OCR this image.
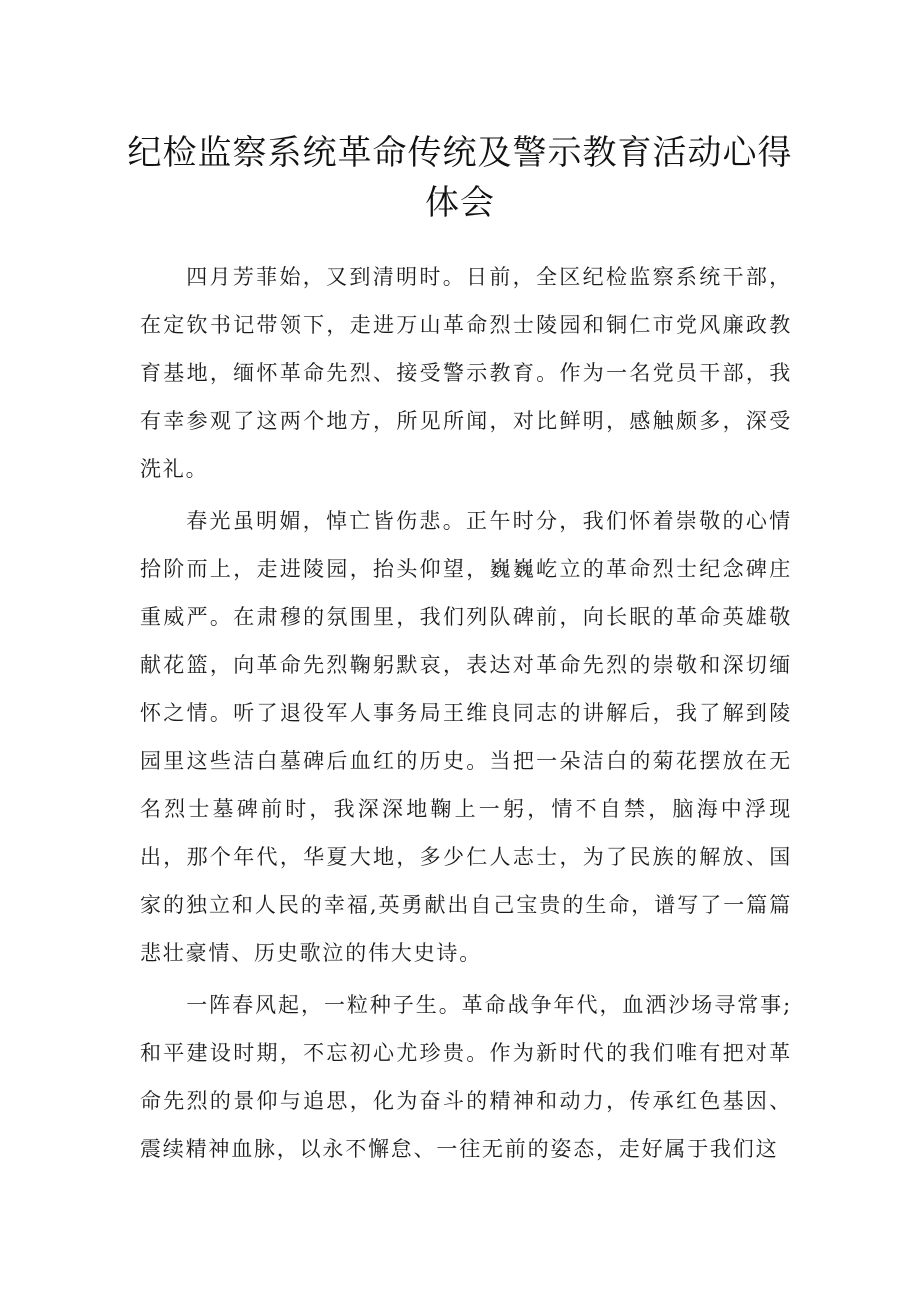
纪检监察系统革命传统及警示教育活动心得
体会

四月芳菲始，又到清明时。日前，全区纪检监察系统干部，在定钦书记带领下，走进万山革命烈士陵园和铜仁市党风廉政教育基地，缅怀革命先烈、接受警示教育。作为一名党员干部，我有幸参观了这两个地方，所见所闻，对比鲜明，感触颇多，深受洗礼。

春光虽明媚，悼亡皆伤悲。正午时分，我们怀着崇敬的心情拾阶而上，走进陵园，抬头仰望，巍巍屹立的革命烈士纪念碑庄重威严。在肃穆的氛围里，我们列队碑前，向长眠的革命英雄敬献花篮，向革命先烈鞠躬默哀，表达对革命先烈的崇敬和深切缅怀之情。听了退役军人事务局王维良同志的讲解后，我了解到陵园里这些洁白墓碑后血红的历史。当把一朵洁白的菊花摆放在无名烈士墓碑前时，我深深地鞠上一躬，情不自禁，脑海中浮现出，那个年代，华夏大地，多少仁人志士，为了民族的解放、国家的独立和人民的幸福,英勇献出自己宝贵的生命，谱写了一篇篇悲壮豪情、历史歌泣的伟大史诗。

一阵春风起，一粒种子生。革命战争年代，血洒沙场寻常事;和平建设时期，不忘初心尤珍贵。作为新时代的我们唯有把对革命先烈的景仰与追思，化为奋斗的精神和动力，传承红色基因、震续精神血脉，以永不懈怠、一往无前的姿态，走好属于我们这
